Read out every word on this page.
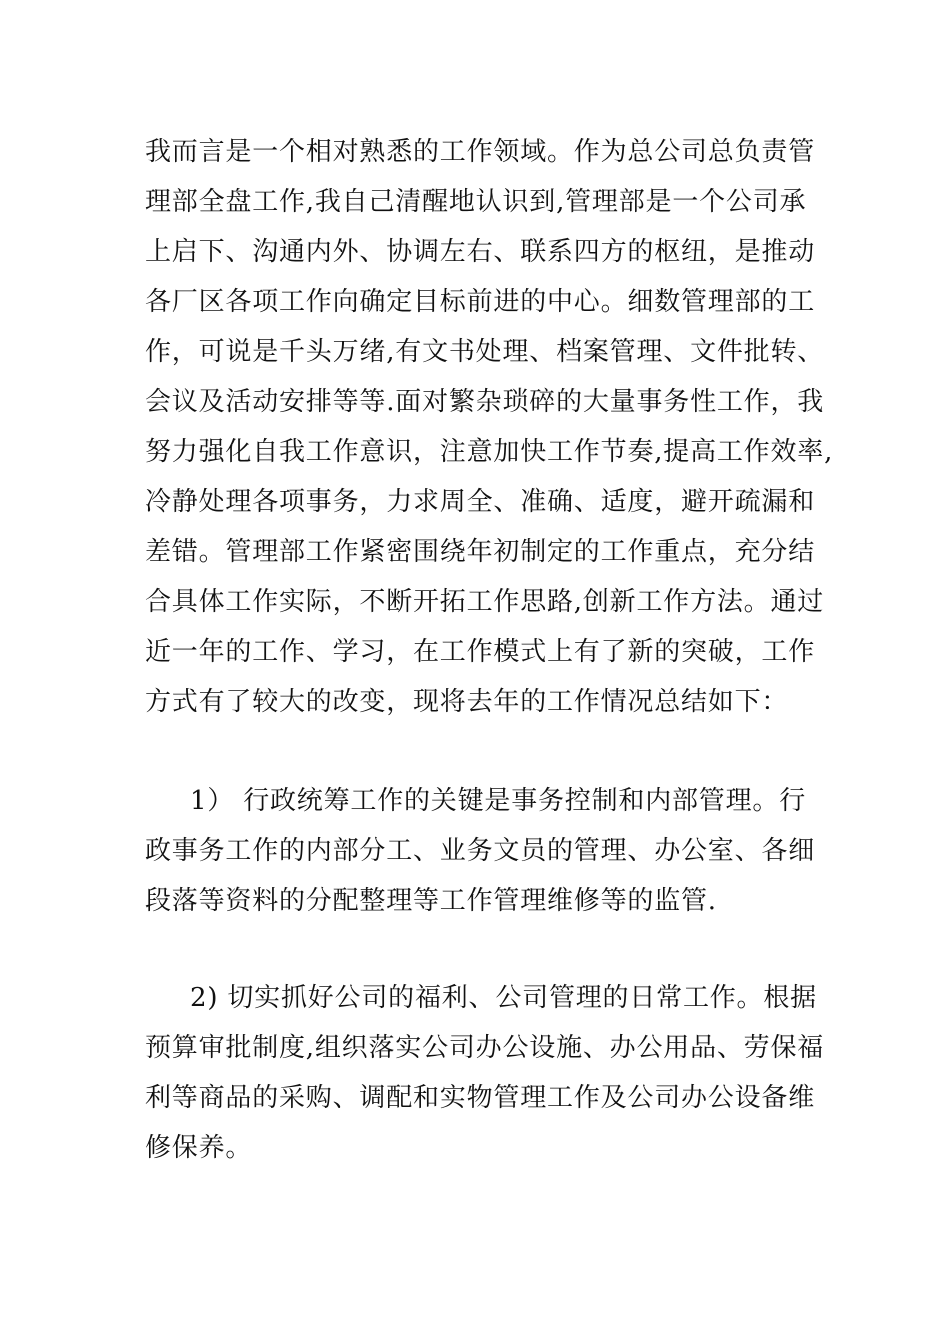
我而言是一个相对熟悉的工作领域。作为总公司总负责管
理部全盘工作,我自己清醒地认识到,管理部是一个公司承
上启下、沟通内外、协调左右、联系四方的枢纽，是推动
各厂区各项工作向确定目标前进的中心。细数管理部的工
作，可说是千头万绪,有文书处理、档案管理、文件批转、
会议及活动安排等等.面对繁杂琐碎的大量事务性工作，我
努力强化自我工作意识，注意加快工作节奏,提高工作效率,
冷静处理各项事务，力求周全、准确、适度，避开疏漏和
差错。管理部工作紧密围绕年初制定的工作重点，充分结
合具体工作实际，不断开拓工作思路,创新工作方法。通过
近一年的工作、学习，在工作模式上有了新的突破，工作
方式有了较大的改变，现将去年的工作情况总结如下：
1） 行政统筹工作的关键是事务控制和内部管理。行
政事务工作的内部分工、业务文员的管理、办公室、各细
段落等资料的分配整理等工作管理维修等的监管.
2) 切实抓好公司的福利、公司管理的日常工作。根据
预算审批制度,组织落实公司办公设施、办公用品、劳保福
利等商品的采购、调配和实物管理工作及公司办公设备维
修保养。
